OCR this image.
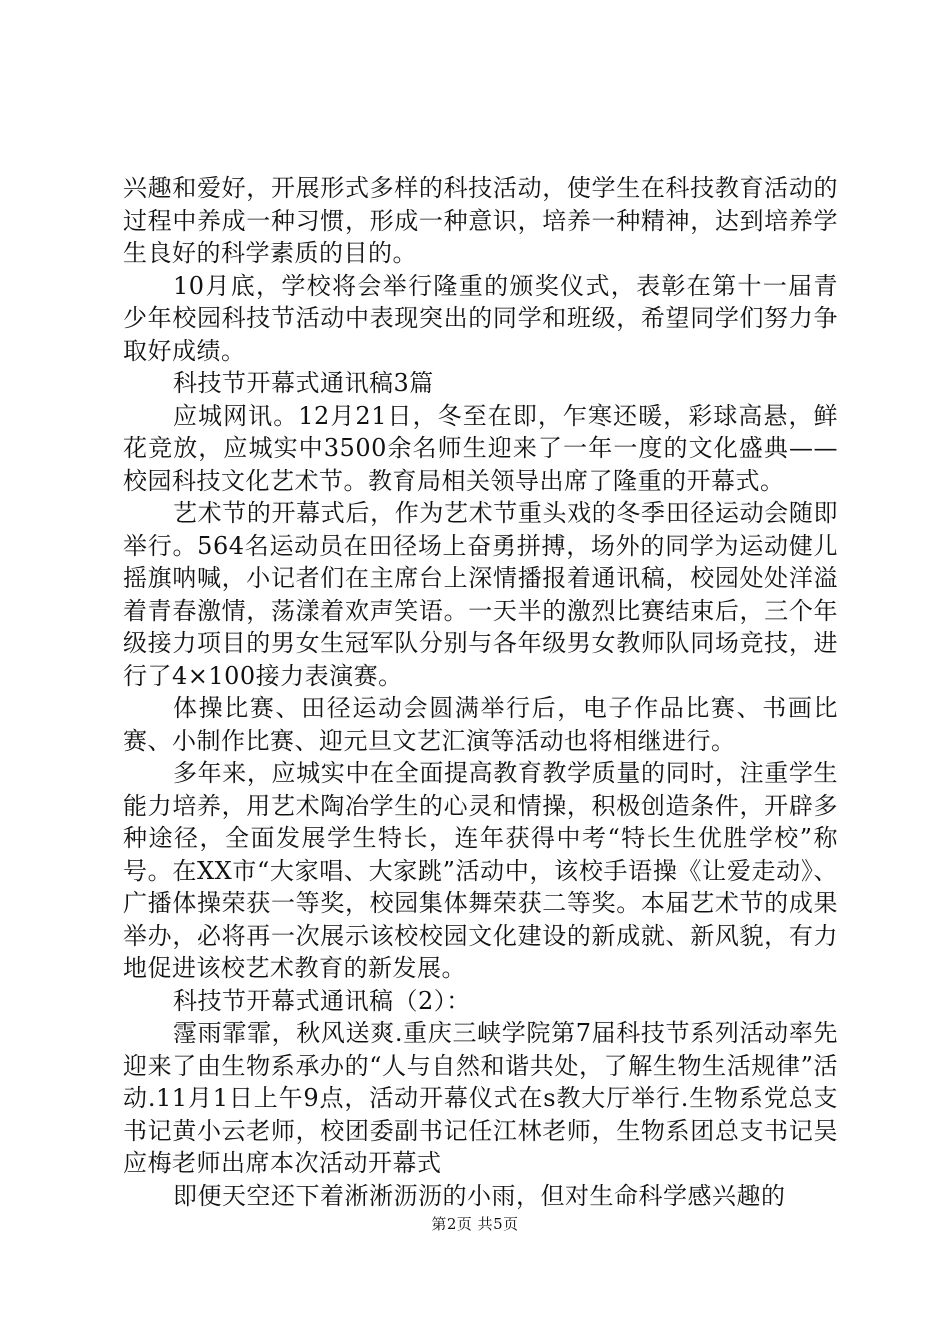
兴趣和爱好，开展形式多样的科技活动，使学生在科技教育活动的过程中养成一种习惯，形成一种意识，培养一种精神，达到培养学生良好的科学素质的目的。

10月底，学校将会举行隆重的颁奖仪式，表彰在第十一届青少年校园科技节活动中表现突出的同学和班级，希望同学们努力争取好成绩。

科技节开幕式通讯稿3篇

应城网讯。12月21日，冬至在即，乍寒还暖，彩球高悬，鲜花竞放，应城实中3500余名师生迎来了一年一度的文化盛典——校园科技文化艺术节。教育局相关领导出席了隆重的开幕式。

艺术节的开幕式后，作为艺术节重头戏的冬季田径运动会随即举行。564名运动员在田径场上奋勇拼搏，场外的同学为运动健儿摇旗呐喊，小记者们在主席台上深情播报着通讯稿，校园处处洋溢着青春激情，荡漾着欢声笑语。一天半的激烈比赛结束后，三个年级接力项目的男女生冠军队分别与各年级男女教师队同场竞技，进行了4×100接力表演赛。

体操比赛、田径运动会圆满举行后，电子作品比赛、书画比赛、小制作比赛、迎元旦文艺汇演等活动也将相继进行。

多年来，应城实中在全面提高教育教学质量的同时，注重学生能力培养，用艺术陶冶学生的心灵和情操，积极创造条件，开辟多种途径，全面发展学生特长，连年获得中考“特长生优胜学校”称号。在XX市“大家唱、大家跳”活动中，该校手语操《让爱走动》、广播体操荣获一等奖，校园集体舞荣获二等奖。本届艺术节的成果举办，必将再一次展示该校校园文化建设的新成就、新风貌，有力地促进该校艺术教育的新发展。

科技节开幕式通讯稿（2）：

霪雨霏霏，秋风送爽.重庆三峡学院第7届科技节系列活动率先迎来了由生物系承办的“人与自然和谐共处，了解生物生活规律”活动.11月1日上午9点，活动开幕仪式在s教大厅举行.生物系党总支书记黄小云老师，校团委副书记任江林老师，生物系团总支书记吴应梅老师出席本次活动开幕式

即便天空还下着淅淅沥沥的小雨，但对生命科学感兴趣的

第2页 共5页
